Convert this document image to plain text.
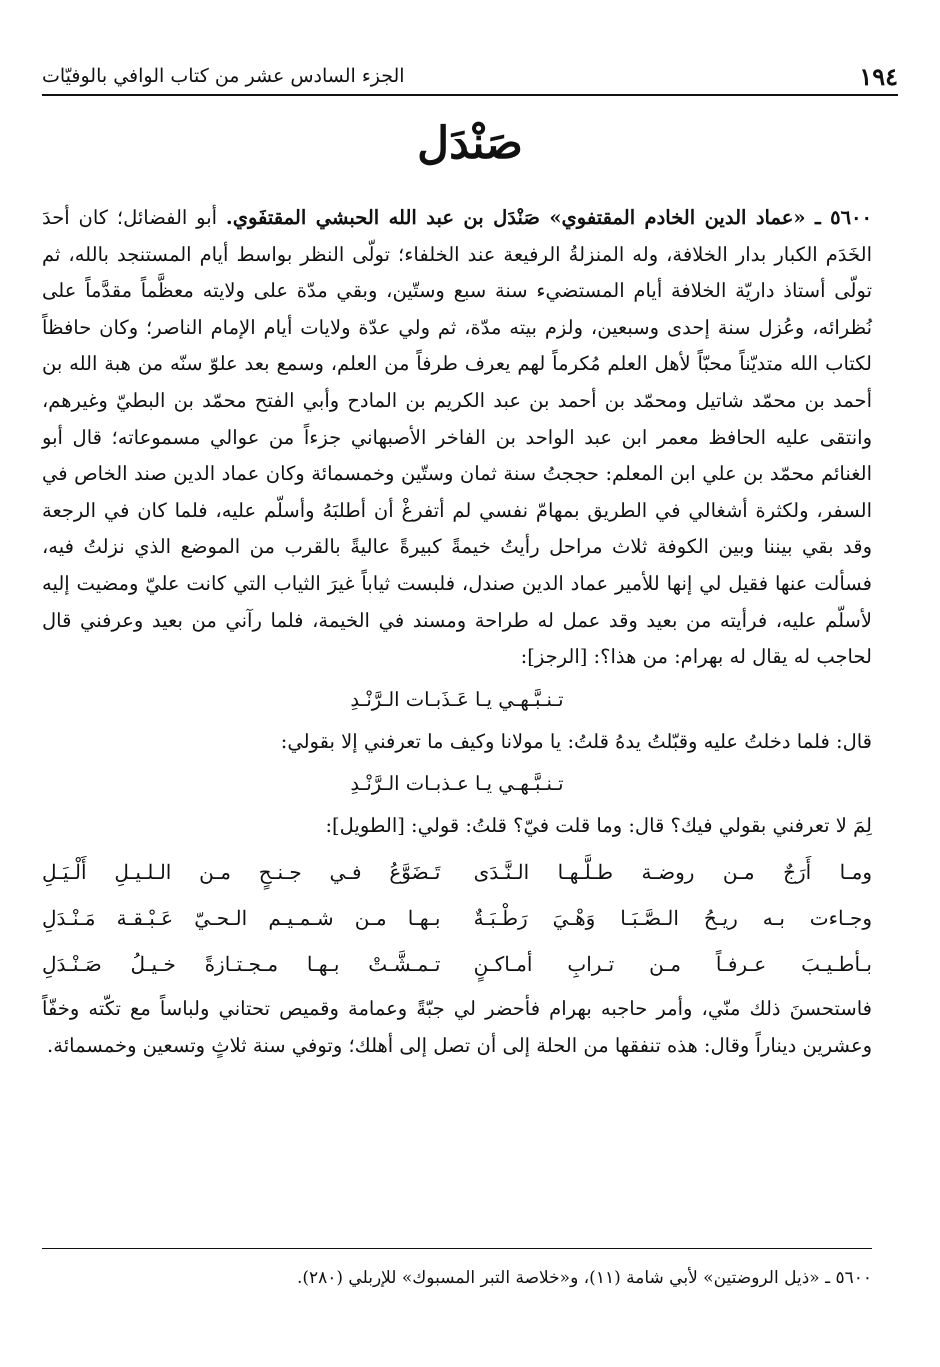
١٩٤
الجزء السادس عشر من كتاب الوافي بالوفيّات
صَنْدَل

٥٦٠٠ ـ «عماد الدين الخادم المقتفوي» صَنْدَل بن عبد الله الحبشي المقتفَوي. أبو الفضائل؛ كان أحدَ الخَدَم الكبار بدار الخلافة، وله المنزلةُ الرفيعة عند الخلفاء؛ تولّى النظر بواسط أيام المستنجد بالله، ثم تولّى أستاذ داريّة الخلافة أيام المستضيء سنة سبع وستّين، وبقي مدّة على ولايته معظَّماً مقدَّماً على نُظرائه، وعُزل سنة إحدى وسبعين، ولزم بيته مدّة، ثم ولي عدّة ولايات أيام الإمام الناصر؛ وكان حافظاً لكتاب الله متديّناً محبّاً لأهل العلم مُكرماً لهم يعرف طرفاً من العلم، وسمع بعد علوّ سنّه من هبة الله بن أحمد بن محمّد شاتيل ومحمّد بن أحمد بن عبد الكريم بن المادح وأبي الفتح محمّد بن البطيّ وغيرهم، وانتقى عليه الحافظ معمر ابن عبد الواحد بن الفاخر الأصبهاني جزءاً من عوالي مسموعاته؛ قال أبو الغنائم محمّد بن علي ابن المعلم: حججتُ سنة ثمان وستّين وخمسمائة وكان عماد الدين صند الخاص في السفر، ولكثرة أشغالي في الطريق بمهامّ نفسي لم أتفرغْ أن أطلبَهُ وأسلّم عليه، فلما كان في الرجعة وقد بقي بيننا وبين الكوفة ثلاث مراحل رأيتُ خيمةً كبيرةً عاليةً بالقرب من الموضع الذي نزلتُ فيه، فسألت عنها فقيل لي إنها للأمير عماد الدين صندل، فلبست ثياباً غيرَ الثياب التي كانت عليّ ومضيت إليه لأسلّم عليه، فرأيته من بعيد وقد عمل له طراحة ومسند في الخيمة، فلما رآني من بعيد وعرفني قال لحاجب له يقال له بهرام: من هذا؟: [الرجز]:

تـنـبَّـهـي يـا عَـذَبـات الـرَّنْـدِ

قال: فلما دخلتُ عليه وقبّلتُ يدهُ قلتُ: يا مولانا وكيف ما تعرفني إلا بقولي:

تـنـبَّـهـي يـا عـذبـات الـرَّنْـدِ

لِمَ لا تعرفني بقولي فيك؟ قال: وما قلت فيّ؟ قلتُ: قولي: [الطويل]:

ومـا أَرَجٌ مـن روضـة طـلَّـهـا الـنَّـدَى
تَـضَوَّعُ فـي جـنـحٍ مـن الـلـيـلِ أَلْـيَـلِ
وجـاءت بـه ريـحُ الـصَّـبَـا وَهْـيَ رَطْـبَـةٌ
بـهـا مـن شـمـيـم الـحـيّ عَـبْـقـة مَـنْـدَلِ
بـأطـيـبَ عـرفـاً مـن تـرابِ أمـاكـنٍ
تـمـشَّـتْ بـهـا مـجـتـازةً خـيـلُ صَـنْـدَلِ

فاستحسنَ ذلك منّي، وأمر حاجبه بهرام فأحضر لي جبّةً وعمامة وقميص تحتاني ولباساً مع تكّته وخفّاً وعشرين ديناراً وقال: هذه تنفقها من الحلة إلى أن تصل إلى أهلك؛ وتوفي سنة ثلاثٍ وتسعين وخمسمائة.

٥٦٠٠ ـ «ذيل الروضتين» لأبي شامة (١١)، و«خلاصة التبر المسبوك» للإربلي (٢٨٠).
